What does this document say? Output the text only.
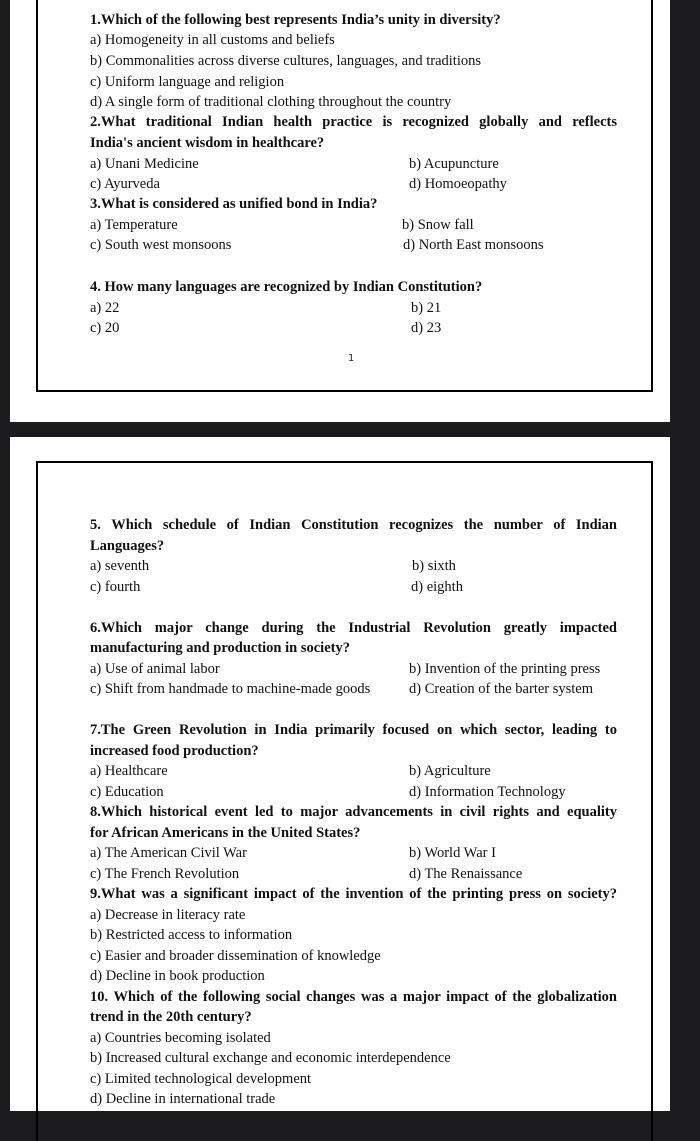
1.Which of the following best represents India’s unity in diversity?
a) Homogeneity in all customs and beliefs
b) Commonalities across diverse cultures, languages, and traditions
c) Uniform language and religion
d) A single form of traditional clothing throughout the country
2.What traditional Indian health practice is recognized globally and reflects
India's ancient wisdom in healthcare?
a) Unani Medicine	b) Acupuncture
c) Ayurveda	d) Homoeopathy
3.What is considered as unified bond in India?
a) Temperature	b) Snow fall
c) South west monsoons	d) North East monsoons
4. How many languages are recognized by Indian Constitution?
a) 22	b) 21
c) 20	d) 23
1
5. Which schedule of Indian Constitution recognizes the number of Indian
Languages?
a) seventh	b) sixth
c) fourth	d) eighth
6.Which major change during the Industrial Revolution greatly impacted
manufacturing and production in society?
a) Use of animal labor	b) Invention of the printing press
c) Shift from handmade to machine-made goods	d) Creation of the barter system
7.The Green Revolution in India primarily focused on which sector, leading to
increased food production?
a) Healthcare	b) Agriculture
c) Education	d) Information Technology
8.Which historical event led to major advancements in civil rights and equality
for African Americans in the United States?
a) The American Civil War	b) World War I
c) The French Revolution	d) The Renaissance
9.What was a significant impact of the invention of the printing press on society?
a) Decrease in literacy rate
b) Restricted access to information
c) Easier and broader dissemination of knowledge
d) Decline in book production
10. Which of the following social changes was a major impact of the globalization
trend in the 20th century?
a) Countries becoming isolated
b) Increased cultural exchange and economic interdependence
c) Limited technological development
d) Decline in international trade
